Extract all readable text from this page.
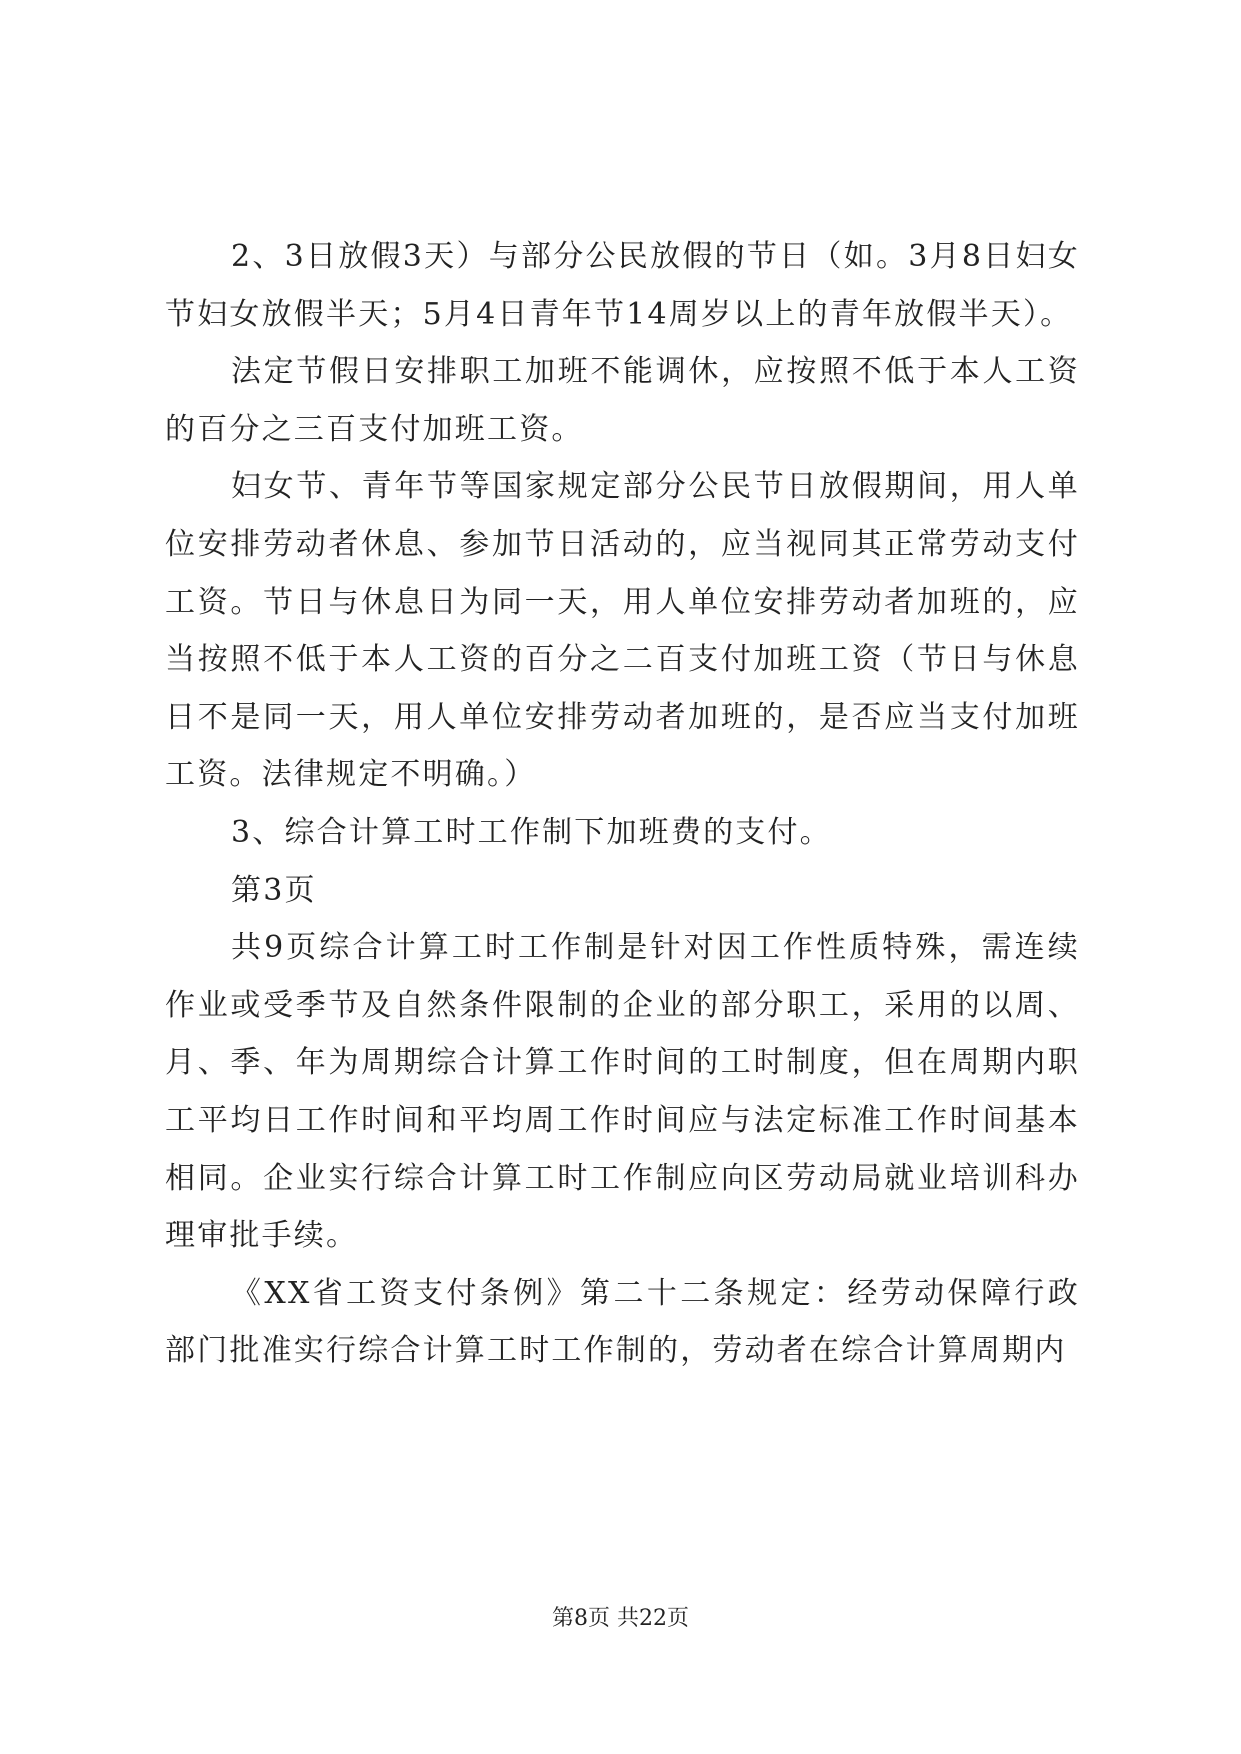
2、3日放假3天）与部分公民放假的节日（如。3月8日妇女节妇女放假半天；5月4日青年节14周岁以上的青年放假半天）。

法定节假日安排职工加班不能调休，应按照不低于本人工资的百分之三百支付加班工资。

妇女节、青年节等国家规定部分公民节日放假期间，用人单位安排劳动者休息、参加节日活动的，应当视同其正常劳动支付工资。节日与休息日为同一天，用人单位安排劳动者加班的，应当按照不低于本人工资的百分之二百支付加班工资（节日与休息日不是同一天，用人单位安排劳动者加班的，是否应当支付加班工资。法律规定不明确。）

3、综合计算工时工作制下加班费的支付。

第3页

共9页综合计算工时工作制是针对因工作性质特殊，需连续作业或受季节及自然条件限制的企业的部分职工，采用的以周、月、季、年为周期综合计算工作时间的工时制度，但在周期内职工平均日工作时间和平均周工作时间应与法定标准工作时间基本相同。企业实行综合计算工时工作制应向区劳动局就业培训科办理审批手续。

《XX省工资支付条例》第二十二条规定：经劳动保障行政部门批准实行综合计算工时工作制的，劳动者在综合计算周期内

第8页 共22页
